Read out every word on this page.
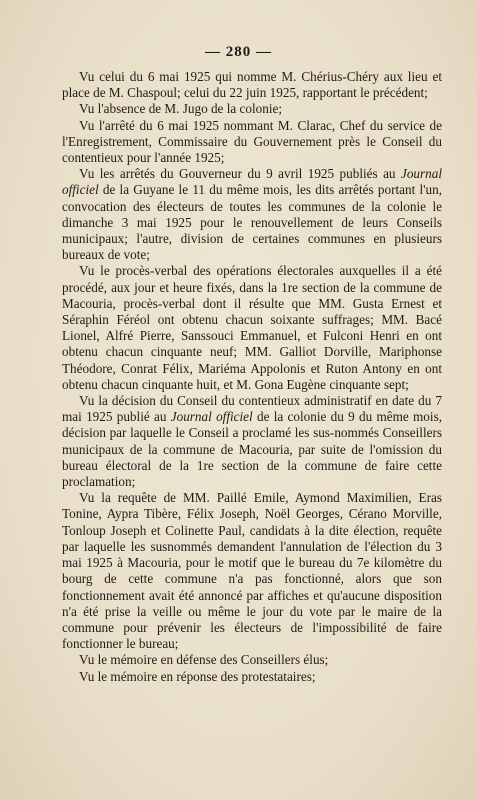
— 280 —

Vu celui du 6 mai 1925 qui nomme M. Chérius-Chéry aux lieu et place de M. Chaspoul; celui du 22 juin 1925, rapportant le précédent;

Vu l'absence de M. Jugo de la colonie;

Vu l'arrêté du 6 mai 1925 nommant M. Clarac, Chef du service de l'Enregistrement, Commissaire du Gouvernement près le Conseil du contentieux pour l'année 1925;

Vu les arrêtés du Gouverneur du 9 avril 1925 publiés au Journal officiel de la Guyane le 11 du même mois, les dits arrêtés portant l'un, convocation des électeurs de toutes les communes de la colonie le dimanche 3 mai 1925 pour le renouvellement de leurs Conseils municipaux; l'autre, division de certaines communes en plusieurs bureaux de vote;

Vu le procès-verbal des opérations électorales auxquelles il a été procédé, aux jour et heure fixés, dans la 1re section de la commune de Macouria, procès-verbal dont il résulte que MM. Gusta Ernest et Séraphin Féréol ont obtenu chacun soixante suffrages; MM. Bacé Lionel, Alfré Pierre, Sanssouci Emmanuel, et Fulconi Henri en ont obtenu chacun cinquante neuf; MM. Galliot Dorville, Mariphonse Théodore, Conrat Félix, Mariéma Appolonis et Ruton Antony en ont obtenu chacun cinquante huit, et M. Gona Eugène cinquante sept;

Vu la décision du Conseil du contentieux administratif en date du 7 mai 1925 publié au Journal officiel de la colonie du 9 du même mois, décision par laquelle le Conseil a proclamé les sus-nommés Conseillers municipaux de la commune de Macouria, par suite de l'omission du bureau électoral de la 1re section de la commune de faire cette proclamation;

Vu la requête de MM. Paillé Emile, Aymond Maximilien, Eras Tonine, Aypra Tibère, Félix Joseph, Noël Georges, Cérano Morville, Tonloup Joseph et Colinette Paul, candidats à la dite élection, requête par laquelle les susnommés demandent l'annulation de l'élection du 3 mai 1925 à Macouria, pour le motif que le bureau du 7e kilomètre du bourg de cette commune n'a pas fonctionné, alors que son fonctionnement avait été annoncé par affiches et qu'aucune disposition n'a été prise la veille ou même le jour du vote par le maire de la commune pour prévenir les électeurs de l'impossibilité de faire fonctionner le bureau;

Vu le mémoire en défense des Conseillers élus;

Vu le mémoire en réponse des protestataires;
